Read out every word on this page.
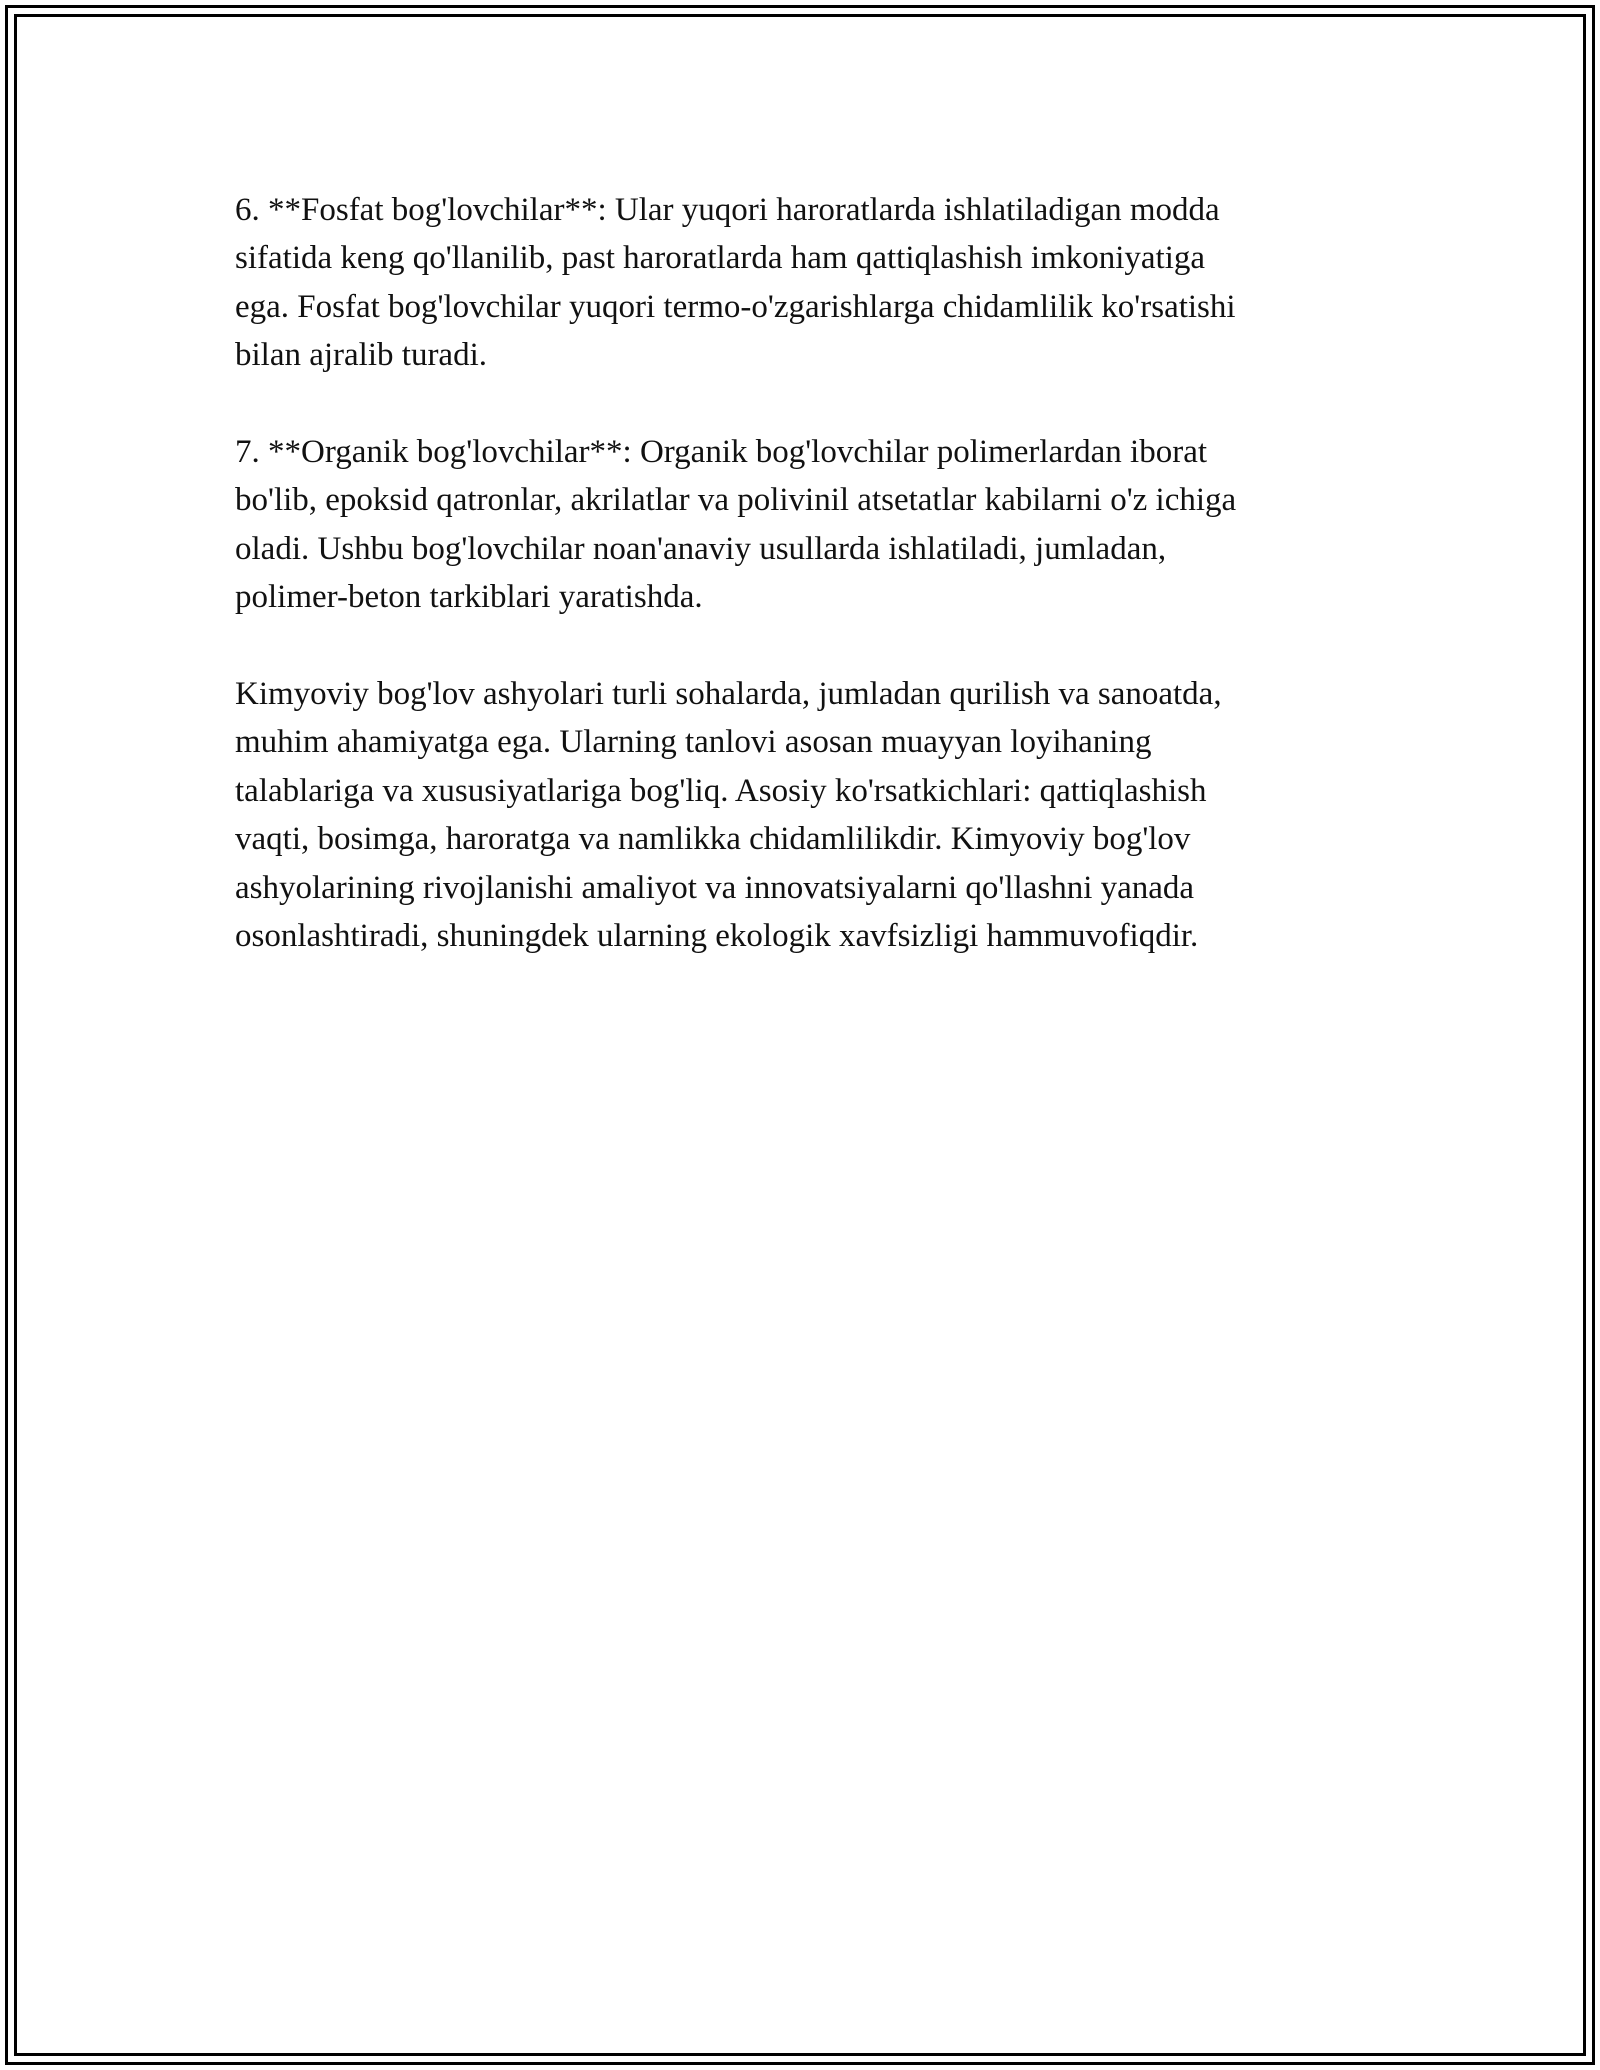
6. **Fosfat bog'lovchilar**: Ular yuqori haroratlarda ishlatiladigan modda
sifatida keng qo'llanilib, past haroratlarda ham qattiqlashish imkoniyatiga
ega. Fosfat bog'lovchilar yuqori termo-o'zgarishlarga chidamlilik ko'rsatishi
bilan ajralib turadi.

7. **Organik bog'lovchilar**: Organik bog'lovchilar polimerlardan iborat
bo'lib, epoksid qatronlar, akrilatlar va polivinil atsetatlar kabilarni o'z ichiga
oladi. Ushbu bog'lovchilar noan'anaviy usullarda ishlatiladi, jumladan,
polimer-beton tarkiblari yaratishda.

Kimyoviy bog'lov ashyolari turli sohalarda, jumladan qurilish va sanoatda,
muhim ahamiyatga ega. Ularning tanlovi asosan muayyan loyihaning
talablariga va xususiyatlariga bog'liq. Asosiy ko'rsatkichlari: qattiqlashish
vaqti, bosimga, haroratga va namlikka chidamlilikdir. Kimyoviy bog'lov
ashyolarining rivojlanishi amaliyot va innovatsiyalarni qo'llashni yanada
osonlashtiradi, shuningdek ularning ekologik xavfsizligi hammuvofiqdir.
